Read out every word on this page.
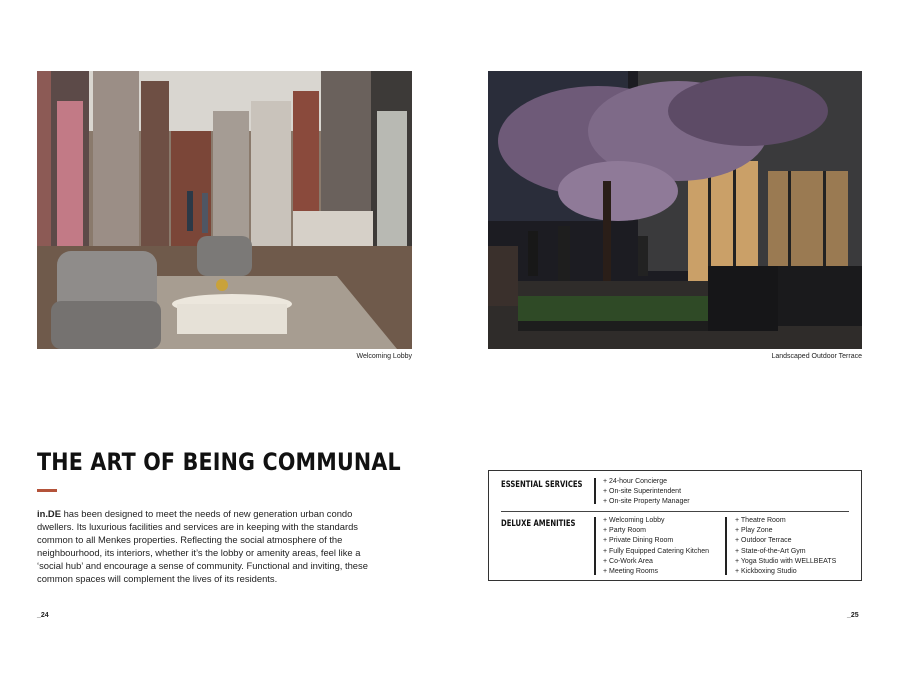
Welcoming Lobby	Landscaped Outdoor Terrace
THE ART OF BEING COMMUNAL

in.DE has been designed to meet the needs of new generation urban condo dwellers. Its luxurious facilities and services are in keeping with the standards common to all Menkes properties. Reflecting the social atmosphere of the neighbourhood, its interiors, whether it’s the lobby or amenity areas, feel like a ‘social hub’ and encourage a sense of community. Functional and inviting, these common spaces will complement the lives of its residents.

_24
ESSENTIAL SERVICES	+ 24-hour Concierge
+ On-site Superintendent
+ On-site Property Manager
DELUXE AMENITIES	+ Welcoming Lobby
+ Party Room
+ Private Dining Room
+ Fully Equipped Catering Kitchen
+ Co-Work Area
+ Meeting Rooms
+ Theatre Room
+ Play Zone
+ Outdoor Terrace
+ State-of-the-Art Gym
+ Yoga Studio with WELLBEATS
+ Kickboxing Studio
_25
